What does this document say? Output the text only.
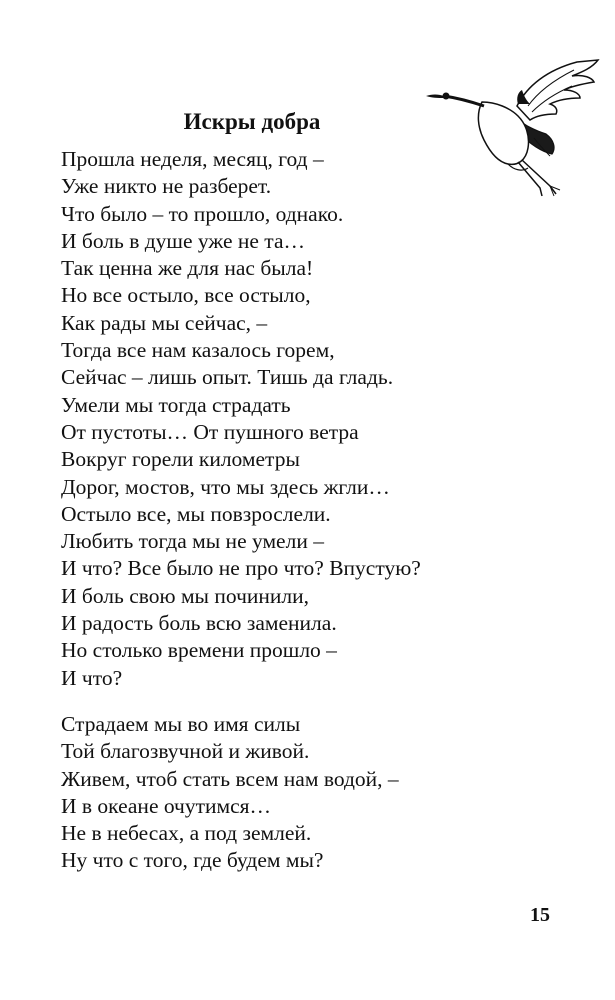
Искры добра
Прошла неделя, месяц, год –
Уже никто не разберет.
Что было – то прошло, однако.
И боль в душе уже не та…
Так ценна же для нас была!
Но все остыло, все остыло,
Как рады мы сейчас, –
Тогда все нам казалось горем,
Сейчас – лишь опыт. Тишь да гладь.
Умели мы тогда страдать
От пустоты… От пушного ветра
Вокруг горели километры
Дорог, мостов, что мы здесь жгли…
Остыло все, мы повзрослели.
Любить тогда мы не умели –
И что? Все было не про что? Впустую?
И боль свою мы починили,
И радость боль всю заменила.
Но столько времени прошло –
И что?
Страдаем мы во имя силы
Той благозвучной и живой.
Живем, чтоб стать всем нам водой, –
И в океане очутимся…
Не в небесах, а под землей.
Ну что с того, где будем мы?
15
